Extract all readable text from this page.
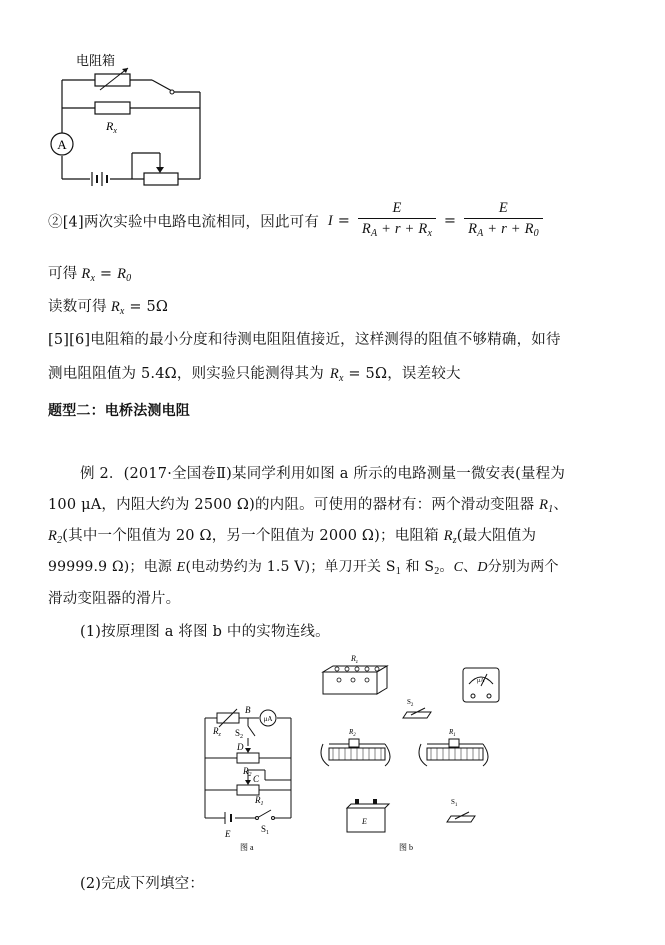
A
电阻箱
$R_x$
②[4]两次实验中电路电流相同，因此可有 $I = \frac{E}{R_A + r + R_x} = \frac{E}{R_A + r + R_0}$
可得 $R_x = R_0$
读数可得 $R_x = 5\Omega$
[5][6]电阻箱的最小分度和待测电阻阻值接近，这样测得的阻值不够精确，如待
测电阻阻值为 5.4Ω，则实验只能测得其为 $R_x = 5\Omega$，误差较大
题型二：电桥法测电阻
例 2．(2017·全国卷Ⅱ)某同学利用如图 a 所示的电路测量一微安表(量程为
100 μA，内阻大约为 2500 Ω)的内阻。可使用的器材有：两个滑动变阻器 $R_1$、
$R_2$(其中一个阻值为 20 Ω，另一个阻值为 2000 Ω)；电阻箱 $R_z$(最大阻值为
99999.9 Ω)；电源 E(电动势约为 1.5 V)；单刀开关 $S_1$ 和 $S_2$。C、D分别为两个
滑动变阻器的滑片。
(1)按原理图 a 将图 b 中的实物连线。
μA
$R_z$
B
$S_2$
D
$R_2$ C
$R_1$
E	$S_1$
图 a
$R_z$
μA
$S_2$
$R_2$	$R_1$
E
$S_1$
图 b
(2)完成下列填空：
